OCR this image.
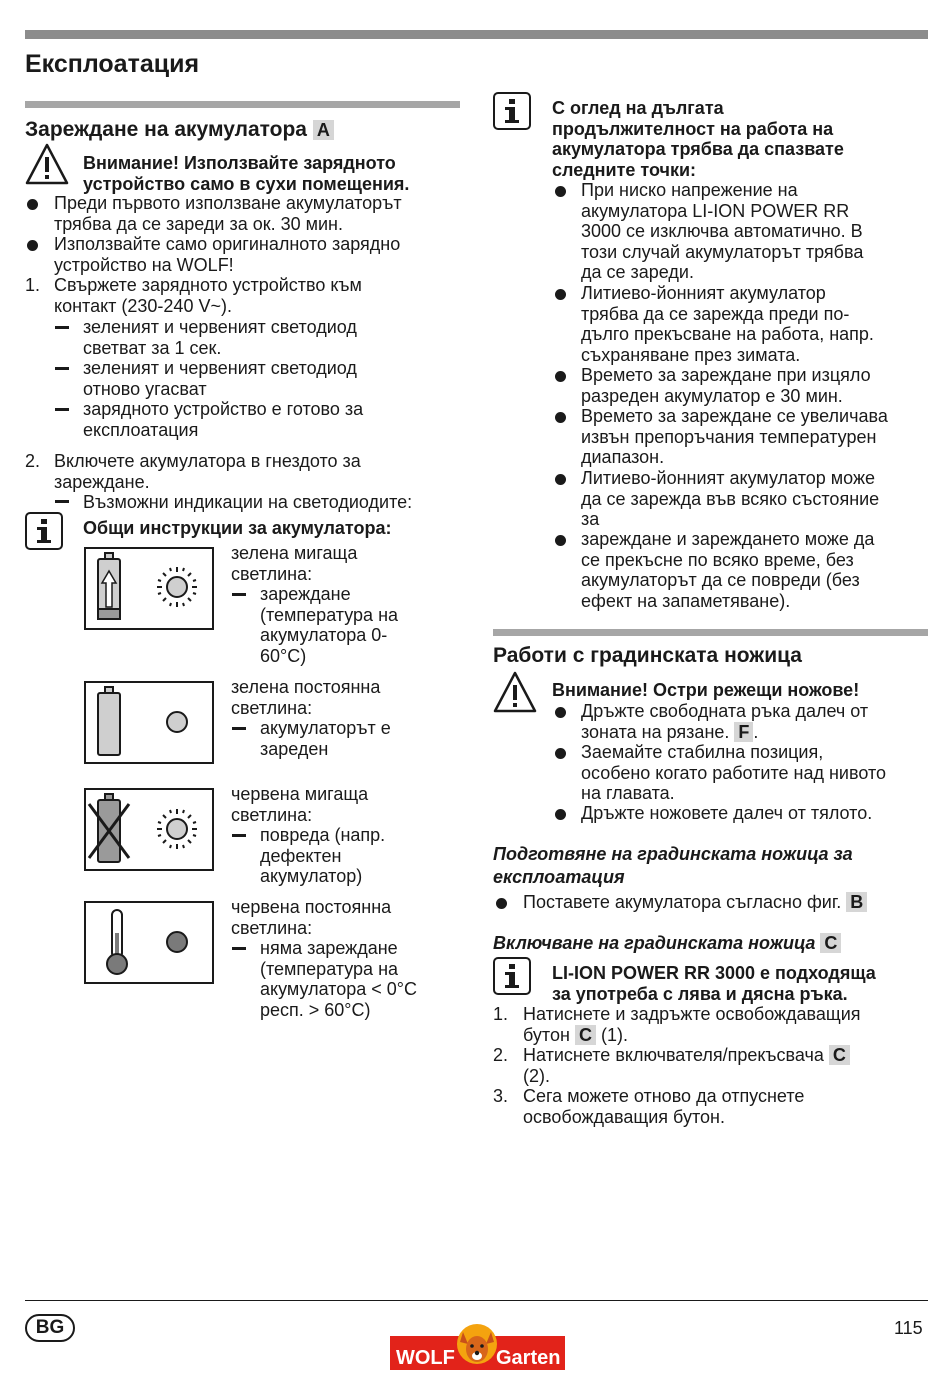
Експлоатация
Зареждане на акумулатора A
Внимание! Използвайте зарядното
устройство само в сухи помещения.
Преди първото използване акумулаторът
трябва да се зареди за ок. 30 мин.
Използвайте само оригиналното зарядно
устройство на WOLF!
1. Свържете зарядното устройство към
контакт (230-240 V~).
зеленият и червеният светодиод
светват за 1 сек.
зеленият и червеният светодиод
отново угасват
зарядното устройство е готово за
експлоатация
2. Включете акумулатора в гнездото за
зареждане.
Възможни индикации на светодиодите:
Общи инструкции за акумулатора:
зелена мигаща
светлина:
зареждане
(температура на
акумулатора 0-
60°C)
зелена постоянна
светлина:
акумулаторът е
зареден
червена мигаща
светлина:
повреда (напр.
дефектен
акумулатор)
червена постоянна
светлина:
няма зареждане
(температура на
акумулатора < 0°C
респ. > 60°C)
С оглед на дългата
продължителност на работа на
акумулатора трябва да спазвате
следните точки:
При ниско напрежение на
акумулатора LI-ION POWER RR
3000 се изключва автоматично. В
този случай акумулаторът трябва
да се зареди.
Литиево-йонният акумулатор
трябва да се зарежда преди по-
дълго прекъсване на работа, напр.
съхраняване през зимата.
Времето за зареждане при изцяло
разреден акумулатор е 30 мин.
Времето за зареждане се увеличава
извън препоръчания температурен
диапазон.
Литиево-йонният акумулатор може
да се зарежда във всяко състояние
за
зареждане и зареждането може да
се прекъсне по всяко време, без
акумулаторът да се повреди (без
ефект на запаметяване).
Работи с градинската ножица
Внимание! Остри режещи ножове!
Дръжте свободната ръка далеч от
зоната на рязане. F .
Заемайте стабилна позиция,
особено когато работите над нивото
на главата.
Дръжте ножовете далеч от тялото.
Подготвяне на градинската ножица за
експлоатация
Поставете акумулатора съгласно фиг. B
Включване на градинската ножица C
LI-ION POWER RR 3000 е подходяща
за употреба с лява и дясна ръка.
1. Натиснете и задръжте освобождаващия
бутон C (1).
2. Натиснете включвателя/прекъсвача C
(2).
3. Сега можете отново да отпуснете
освобождаващия бутон.
BG	115
WOLF Garten
